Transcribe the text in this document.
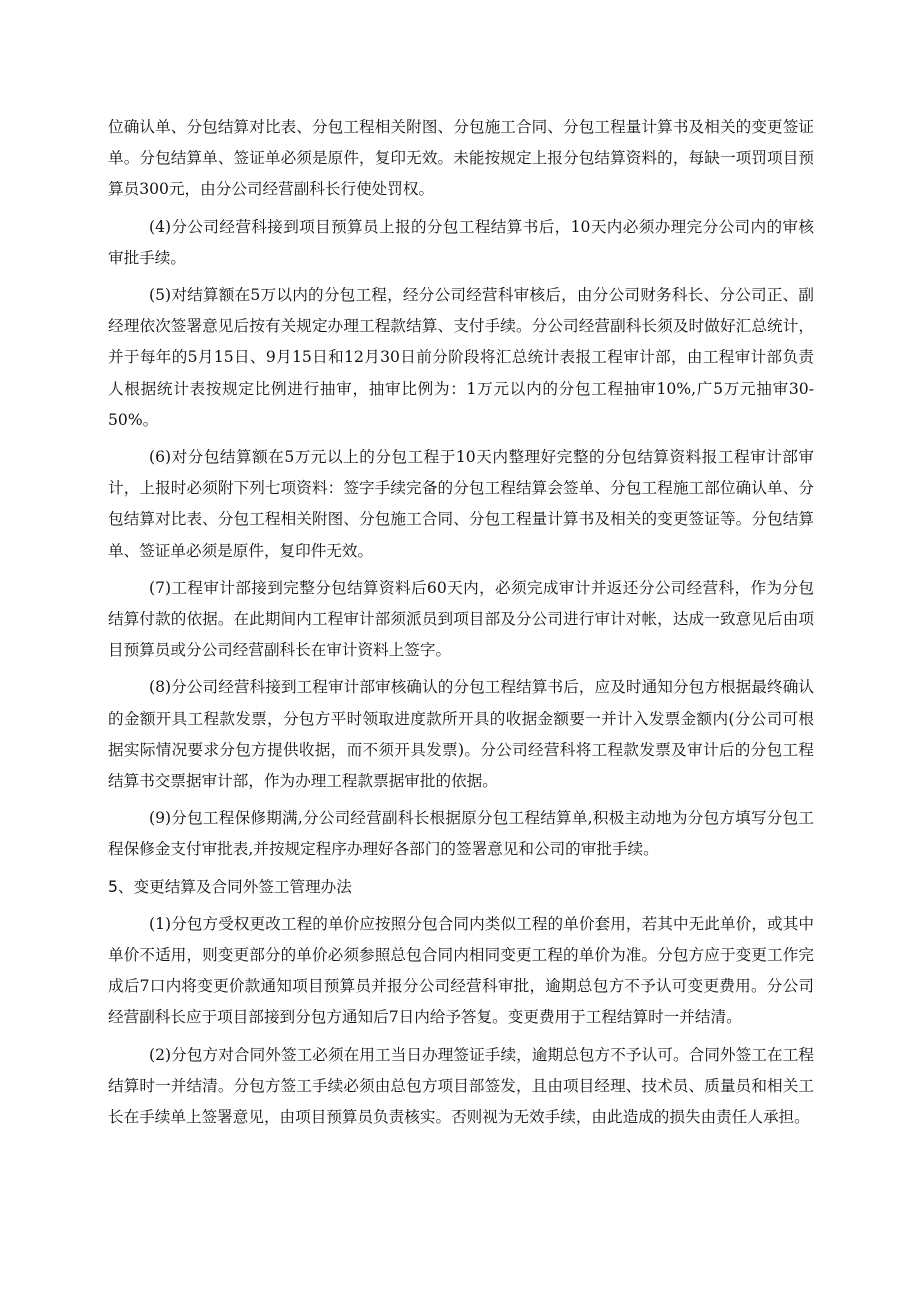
位确认单、分包结算对比表、分包工程相关附图、分包施工合同、分包工程量计算书及相关的变更签证单。分包结算单、签证单必须是原件，复印无效。未能按规定上报分包结算资料的，每缺一项罚项目预算员300元，由分公司经营副科长行使处罚权。

(4)分公司经营科接到项目预算员上报的分包工程结算书后，10天内必须办理完分公司内的审核审批手续。

(5)对结算额在5万以内的分包工程，经分公司经营科审核后，由分公司财务科长、分公司正、副经理依次签署意见后按有关规定办理工程款结算、支付手续。分公司经营副科长须及时做好汇总统计，并于每年的5月15日、9月15日和12月30日前分阶段将汇总统计表报工程审计部，由工程审计部负责人根据统计表按规定比例进行抽审，抽审比例为：1万元以内的分包工程抽审10%,广5万元抽审30-50%。

(6)对分包结算额在5万元以上的分包工程于10天内整理好完整的分包结算资料报工程审计部审计，上报时必须附下列七项资料：签字手续完备的分包工程结算会签单、分包工程施工部位确认单、分包结算对比表、分包工程相关附图、分包施工合同、分包工程量计算书及相关的变更签证等。分包结算单、签证单必须是原件，复印件无效。

(7)工程审计部接到完整分包结算资料后60天内，必须完成审计并返还分公司经营科，作为分包结算付款的依据。在此期间内工程审计部须派员到项目部及分公司进行审计对帐，达成一致意见后由项目预算员或分公司经营副科长在审计资料上签字。

(8)分公司经营科接到工程审计部审核确认的分包工程结算书后，应及时通知分包方根据最终确认的金额开具工程款发票，分包方平时领取进度款所开具的收据金额要一并计入发票金额内(分公司可根据实际情况要求分包方提供收据，而不须开具发票)。分公司经营科将工程款发票及审计后的分包工程结算书交票据审计部，作为办理工程款票据审批的依据。

(9)分包工程保修期满,分公司经营副科长根据原分包工程结算单,积极主动地为分包方填写分包工程保修金支付审批表,并按规定程序办理好各部门的签署意见和公司的审批手续。

5、变更结算及合同外签工管理办法

(1)分包方受权更改工程的单价应按照分包合同内类似工程的单价套用，若其中无此单价，或其中单价不适用，则变更部分的单价必须参照总包合同内相同变更工程的单价为准。分包方应于变更工作完成后7口内将变更价款通知项目预算员并报分公司经营科审批，逾期总包方不予认可变更费用。分公司经营副科长应于项目部接到分包方通知后7日内给予答复。变更费用于工程结算时一并结清。

(2)分包方对合同外签工必须在用工当日办理签证手续，逾期总包方不予认可。合同外签工在工程结算时一并结清。分包方签工手续必须由总包方项目部签发，且由项目经理、技术员、质量员和相关工长在手续单上签署意见，由项目预算员负责核实。否则视为无效手续，由此造成的损失由责任人承担。
